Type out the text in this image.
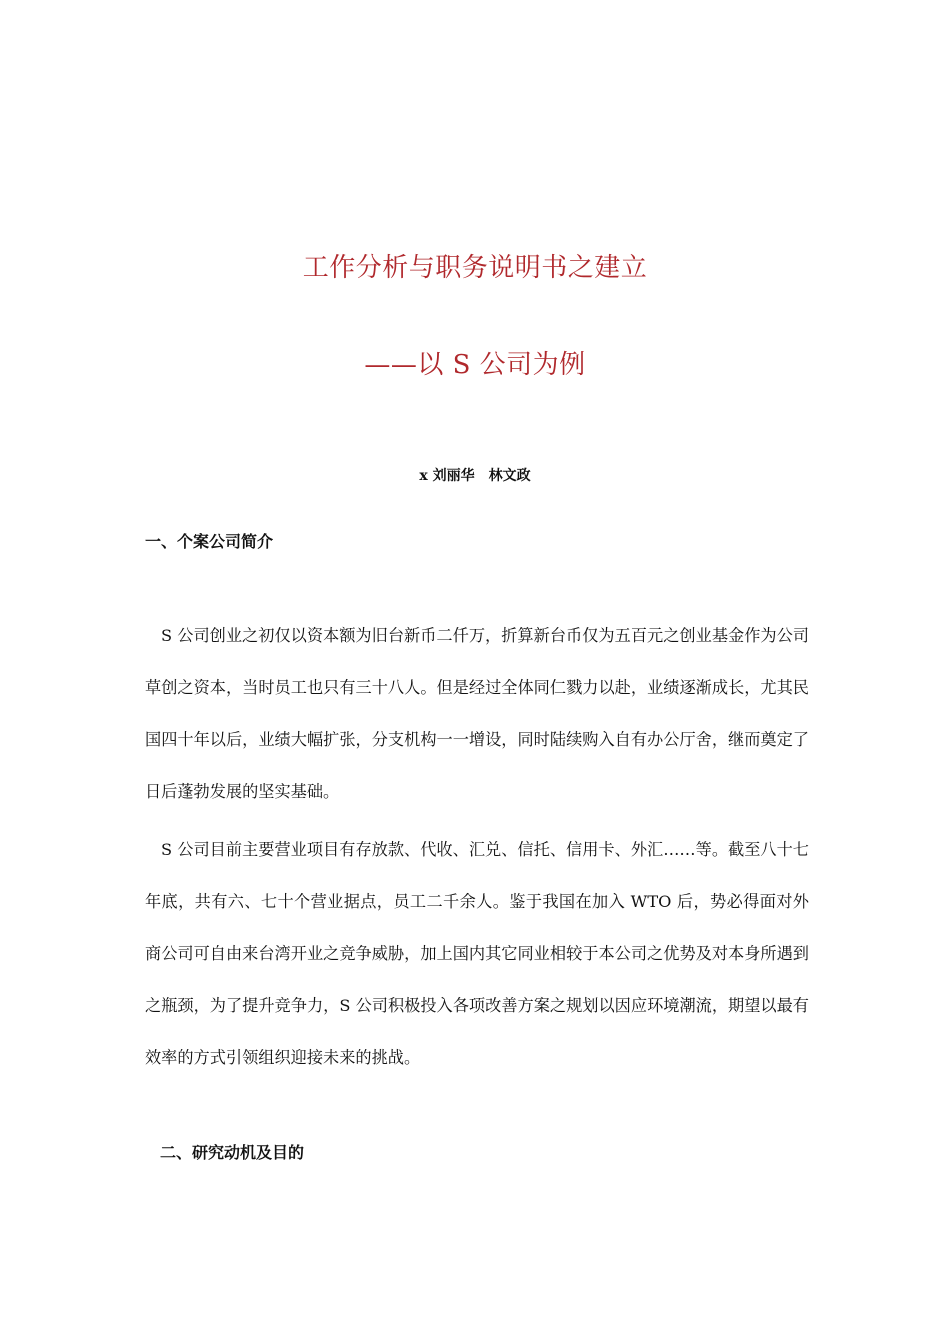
工作分析与职务说明书之建立
——以 S 公司为例
x 刘丽华 林文政
一、个案公司简介
S 公司创业之初仅以资本额为旧台新币二仟万，折算新台币仅为五百元之创业基金作为公司草创之资本，当时员工也只有三十八人。但是经过全体同仁戮力以赴，业绩逐渐成长，尤其民国四十年以后，业绩大幅扩张，分支机构一一增设，同时陆续购入自有办公厅舍，继而奠定了日后蓬勃发展的坚实基础。
S 公司目前主要营业项目有存放款、代收、汇兑、信托、信用卡、外汇……等。截至八十七年底，共有六、七十个营业据点，员工二千余人。鉴于我国在加入 WTO 后，势必得面对外商公司可自由来台湾开业之竞争威胁，加上国内其它同业相较于本公司之优势及对本身所遇到之瓶颈，为了提升竞争力，S 公司积极投入各项改善方案之规划以因应环境潮流，期望以最有效率的方式引领组织迎接未来的挑战。
二、研究动机及目的
